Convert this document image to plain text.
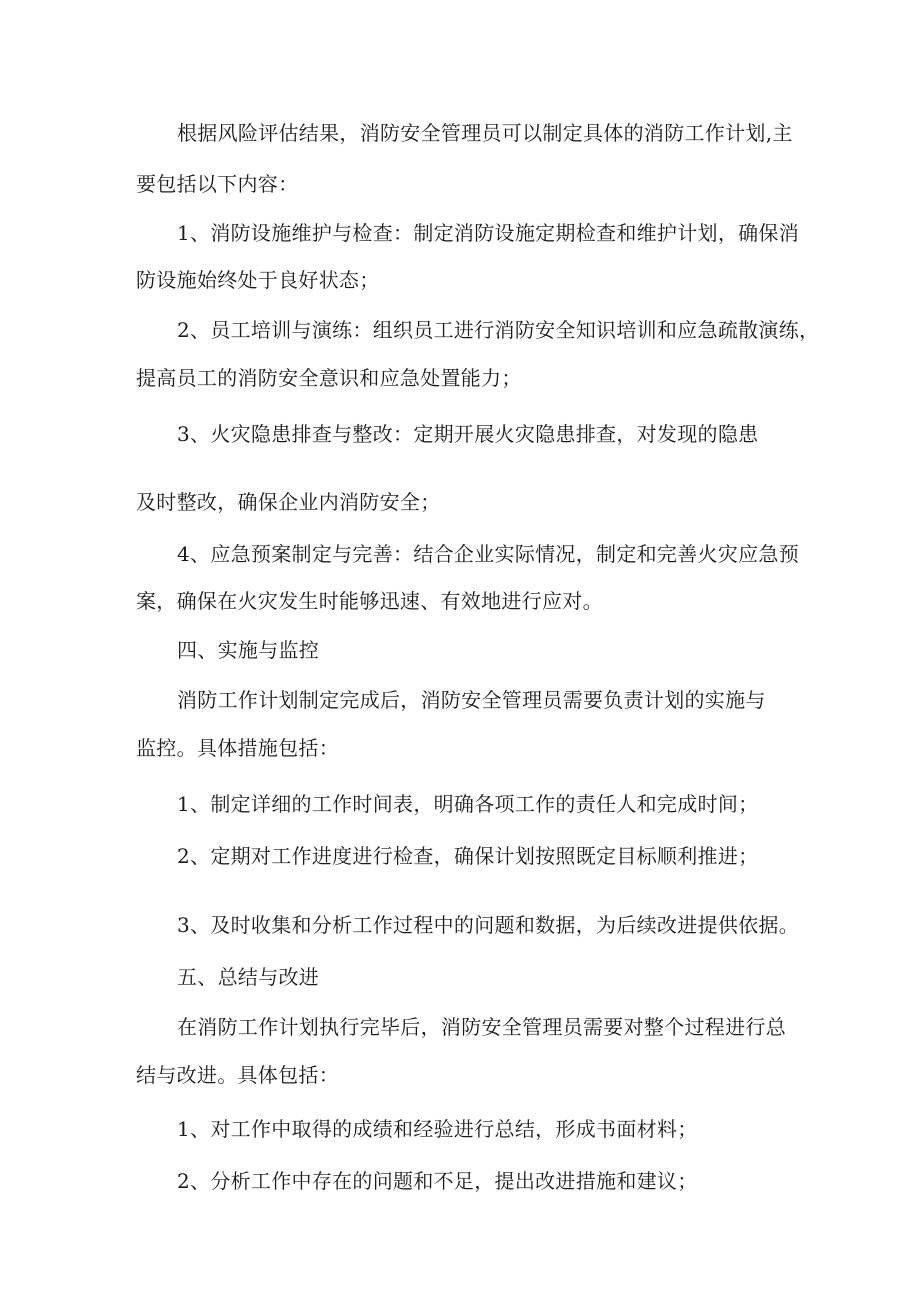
根据风险评估结果，消防安全管理员可以制定具体的消防工作计划,主

要包括以下内容：

1、消防设施维护与检查：制定消防设施定期检查和维护计划，确保消

防设施始终处于良好状态；

2、员工培训与演练：组织员工进行消防安全知识培训和应急疏散演练，

提高员工的消防安全意识和应急处置能力；

3、火灾隐患排查与整改：定期开展火灾隐患排查，对发现的隐患

及时整改，确保企业内消防安全；

4、应急预案制定与完善：结合企业实际情况，制定和完善火灾应急预

案，确保在火灾发生时能够迅速、有效地进行应对。

四、实施与监控

消防工作计划制定完成后，消防安全管理员需要负责计划的实施与

监控。具体措施包括：

1、制定详细的工作时间表，明确各项工作的责任人和完成时间；

2、定期对工作进度进行检查，确保计划按照既定目标顺利推进；

3、及时收集和分析工作过程中的问题和数据，为后续改进提供依据。

五、总结与改进

在消防工作计划执行完毕后，消防安全管理员需要对整个过程进行总

结与改进。具体包括：

1、对工作中取得的成绩和经验进行总结，形成书面材料；

2、分析工作中存在的问题和不足，提出改进措施和建议；
